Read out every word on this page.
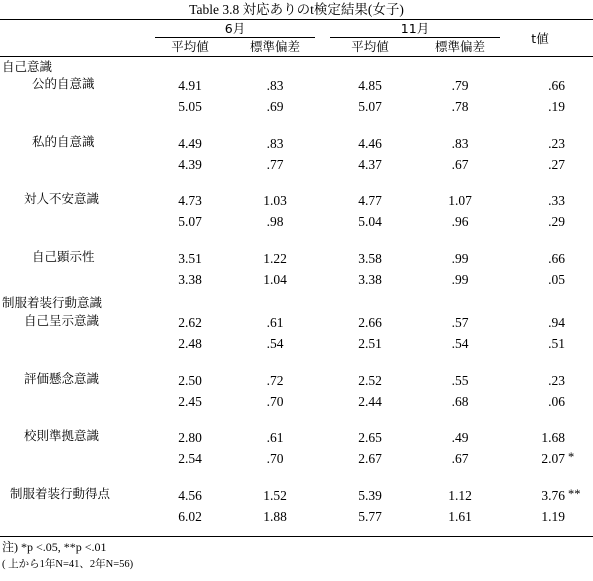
Table 3.8 対応ありのt検定結果(女子)
6月	11月
平均値	標準偏差	平均値	標準偏差
t値
自己意識
制服着装行動意識
公的自意識	4.91	.83	4.85	.79	.66
5.05	.69	5.07	.78	.19
私的自意識	4.49	.83	4.46	.83	.23
4.39	.77	4.37	.67	.27
対人不安意識	4.73	1.03	4.77	1.07	.33
5.07	.98	5.04	.96	.29
自己顕示性	3.51	1.22	3.58	.99	.66
3.38	1.04	3.38	.99	.05
自己呈示意識	2.62	.61	2.66	.57	.94
2.48	.54	2.51	.54	.51
評価懸念意識	2.50	.72	2.52	.55	.23
2.45	.70	2.44	.68	.06
校則準拠意識	2.80	.61	2.65	.49	1.68
2.54	.70	2.67	.67	2.07 *
制服着装行動得点	4.56	1.52	5.39	1.12	3.76 **
6.02	1.88	5.77	1.61	1.19
注) *p <.05, **p <.01
( 上から1年N=41、2年N=56)
